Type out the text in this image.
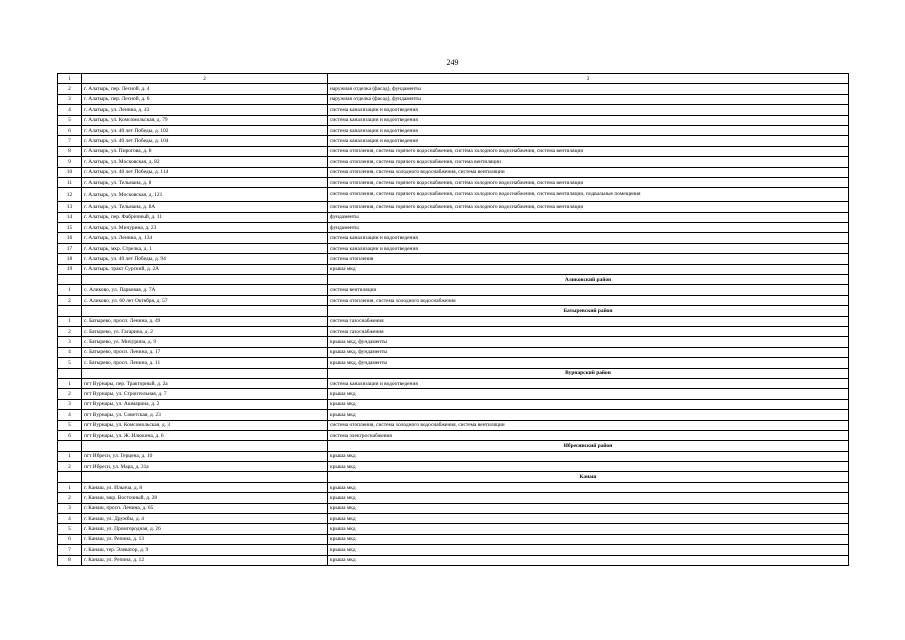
249
1	2	3
2	г. Алатырь, пер. Лесной, д. 4	наружная отделка (фасад), фундаменты
3	г. Алатырь, пер. Лесной, д. 6	наружная отделка (фасад), фундаменты
4	г. Алатырь, ул. Ленина, д. 43	система канализации и водоотведения
5	г. Алатырь, ул. Комсомольская, д. 79	система канализации и водоотведения
6	г. Алатырь, ул. 40 лет Победы, д. 102	система канализации и водоотведения
7	г. Алатырь, ул. 40 лет Победы, д. 104	система канализации и водоотведения
8	г. Алатырь, ул. Пирогова, д. 8	система отопления, система горячего водоснабжения, система холодного водоснабжения, система вентиляции
9	г. Алатырь, ул. Московская, д. 82	система отопления, система горячего водоснабжения, система вентиляции
10	г. Алатырь, ул. 40 лет Победы, д. 114	система отопления, система холодного водоснабжения, система вентиляции
11	г. Алатырь, ул. Тельмана, д. 8	система отопления, система горячего водоснабжения, система холодного водоснабжения, система вентиляции
12	г. Алатырь, ул. Московская, д. 121	система отопления, система горячего водоснабжения, система холодного водоснабжения, система вентиляции, подвальные помещения
13	г. Алатырь, ул. Тельмана, д. 8А	система отопления, система горячего водоснабжения, система холодного водоснабжения, система вентиляции
14	г. Алатырь, пер. Фабричный, д. 11	фундаменты
15	г. Алатырь, ул. Мичурина, д. 23	фундаменты
16	г. Алатырь, ул. Ленина, д. 134	система канализации и водоотведения
17	г. Алатырь, мкр. Стрелка, д. 1	система канализации и водоотведения
18	г. Алатырь, ул. 40 лет Победы, д. 94	система отопления
19	г. Алатырь, тракт Сурский, д. 2А	крыша мкд
		Аликовский район
1	с. Аликово, ул. Парковая, д. 7А	система вентиляции
2	с. Аликово, ул. 60 лет Октября, д. 57	система отопления, система холодного водоснабжения
		Батыревский район
1	с. Батырево, просп. Ленина, д. 49	система газоснабжения
2	с. Батырево, ул. Гагарина, д. 2	система газоснабжения
3	с. Батырево, ул. Мичурина, д. 9	крыша мкд, фундаменты
4	с. Батырево, просп. Ленина, д. 17	крыша мкд, фундаменты
5	с. Батырево, просп. Ленина, д. 11	крыша мкд, фундаменты
		Вурнарский район
1	пгт Вурнары, пер. Тракторный, д. 2а	система канализации и водоотведения
2	пгт Вурнары, ул. Строительная, д. 7	крыша мкд
3	пгт Вурнары, ул. Ашмарина, д. 2	крыша мкд
4	пгт Вурнары, ул. Советская, д. 23	крыша мкд
5	пгт Вурнары, ул. Комсомольская, д. 3	система отопления, система холодного водоснабжения, система вентиляции
6	пгт Вурнары, ул. Ж. Илюкина, д. 6	система электроснабжения
		Ибресинский район
1	пгт Ибреси, ул. Герцена, д. 10	крыша мкд
2	пгт Ибреси, ул. Мара, д. 31а	крыша мкд
		Канаш
1	г. Канаш, ул. Ильича, д. 8	крыша мкд
2	г. Канаш, мкр. Восточный, д. 28	крыша мкд
3	г. Канаш, просп. Ленина, д. 65	крыша мкд
4	г. Канаш, ул. Дружбы, д. 4	крыша мкд
5	г. Канаш, ул. Промгородная, д. 26	крыша мкд
6	г. Канаш, ул. Репина, д. 13	крыша мкд
7	г. Канаш, тер. Элеватор, д. 9	крыша мкд
8	г. Канаш, ул. Репина, д. 12	крыша мкд
